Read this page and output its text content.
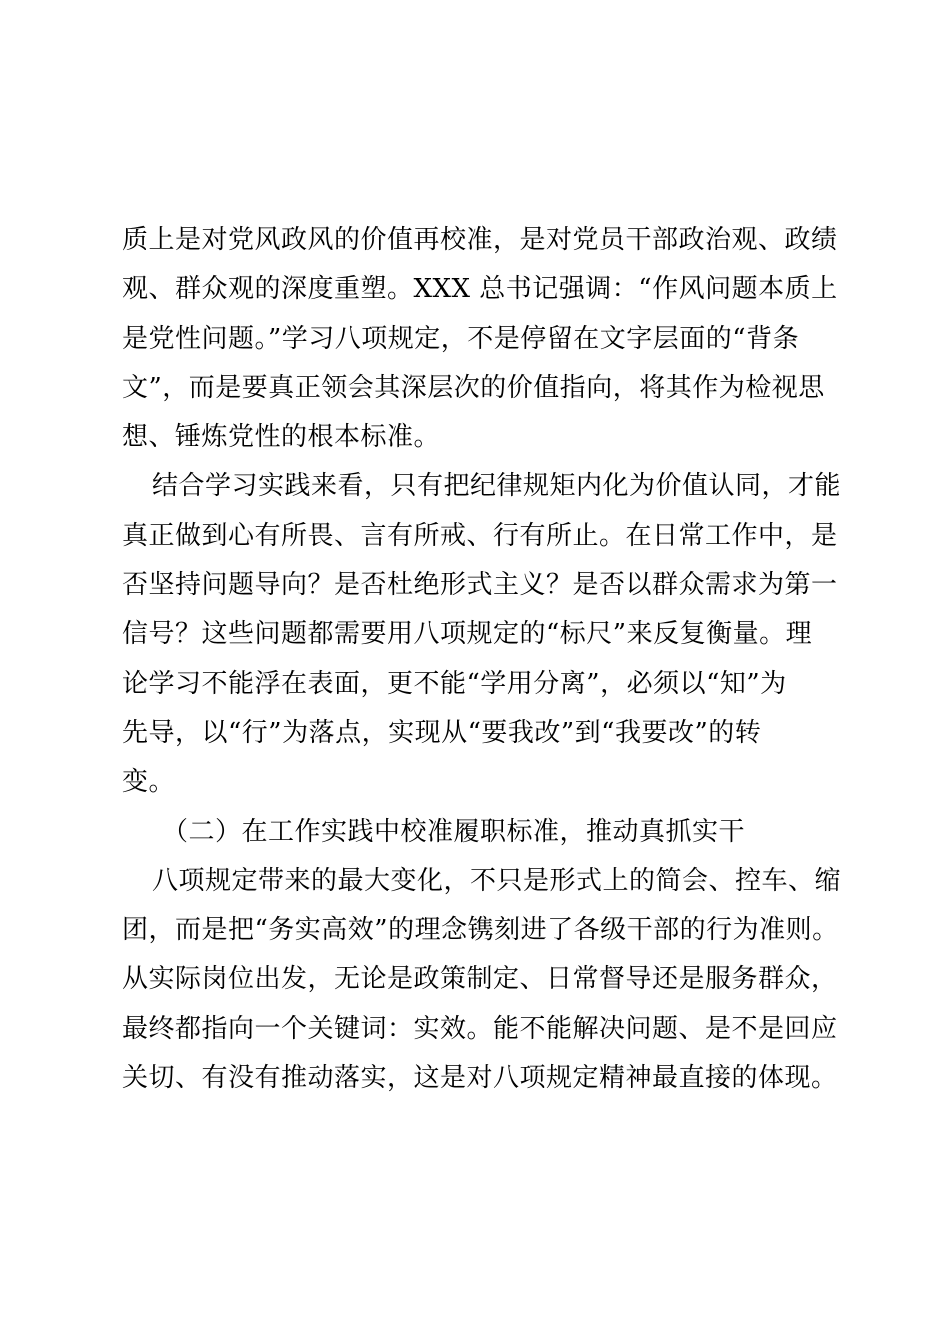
质上是对党风政风的价值再校准，是对党员干部政治观、政绩
观、群众观的深度重塑。XXX 总书记强调：“作风问题本质上
是党性问题。”学习八项规定，不是停留在文字层面的“背条
文”，而是要真正领会其深层次的价值指向，将其作为检视思
想、锤炼党性的根本标准。
结合学习实践来看，只有把纪律规矩内化为价值认同，才能
真正做到心有所畏、言有所戒、行有所止。在日常工作中，是
否坚持问题导向？是否杜绝形式主义？是否以群众需求为第一
信号？这些问题都需要用八项规定的“标尺”来反复衡量。理
论学习不能浮在表面，更不能“学用分离”，必须以“知”为
先导，以“行”为落点，实现从“要我改”到“我要改”的转
变。
（二）在工作实践中校准履职标准，推动真抓实干
八项规定带来的最大变化，不只是形式上的简会、控车、缩
团，而是把“务实高效”的理念镌刻进了各级干部的行为准则。
从实际岗位出发，无论是政策制定、日常督导还是服务群众，
最终都指向一个关键词：实效。能不能解决问题、是不是回应
关切、有没有推动落实，这是对八项规定精神最直接的体现。
